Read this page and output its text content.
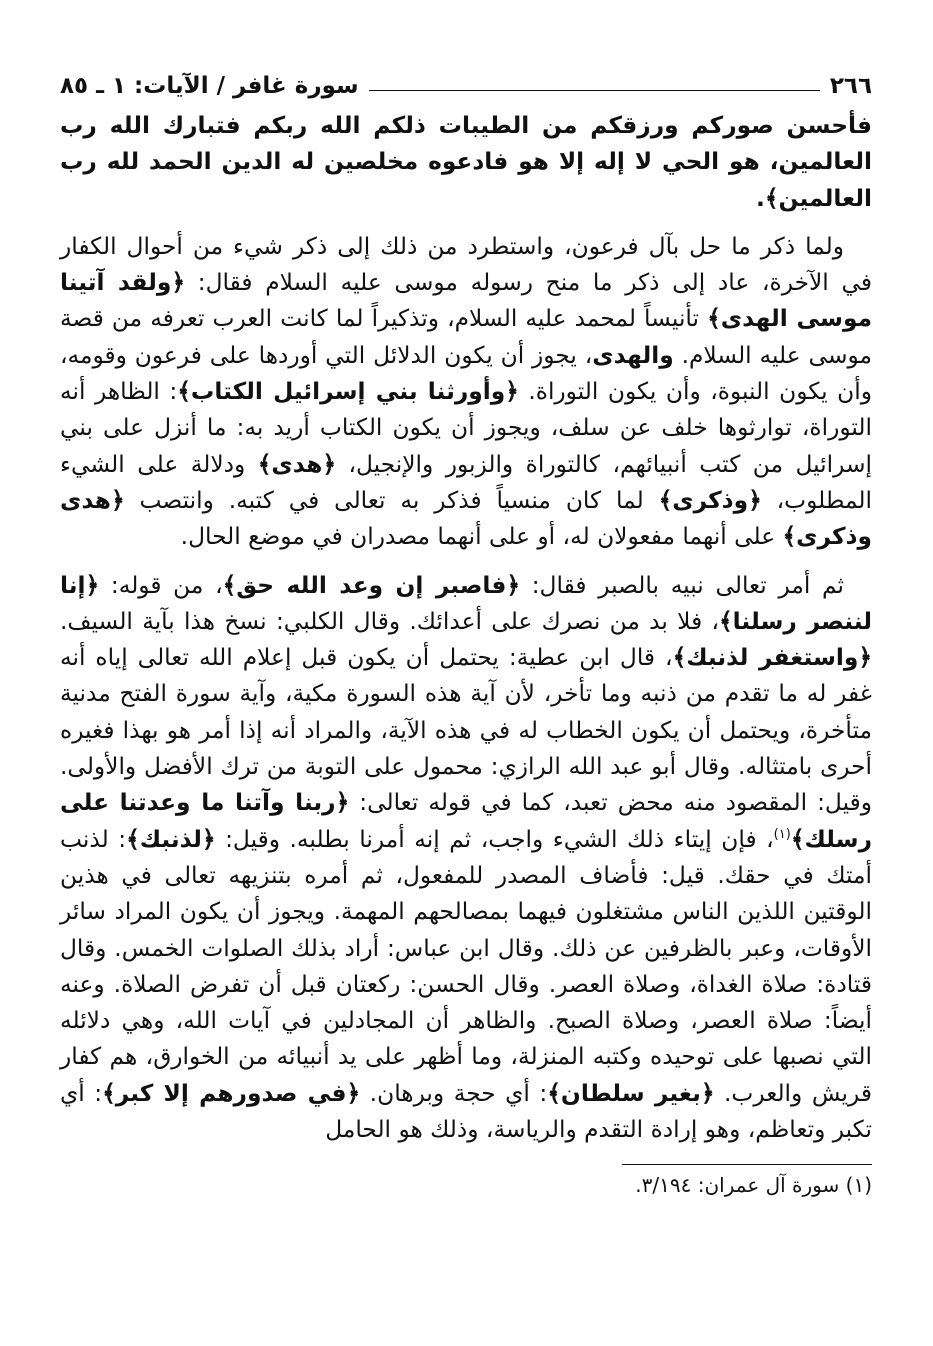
٢٦٦
سورة غافر / الآيات: ١ ـ ٨٥

فأحسن صوركم ورزقكم من الطيبات ذلكم الله ربكم فتبارك الله رب العالمين، هو الحي لا إله إلا هو فادعوه مخلصين له الدين الحمد لله رب العالمين﴾.

ولما ذكر ما حل بآل فرعون، واستطرد من ذلك إلى ذكر شيء من أحوال الكفار في الآخرة، عاد إلى ذكر ما منح رسوله موسى عليه السلام فقال: ﴿ولقد آتينا موسى الهدى﴾ تأنيساً لمحمد عليه السلام، وتذكيراً لما كانت العرب تعرفه من قصة موسى عليه السلام. والهدى، يجوز أن يكون الدلائل التي أوردها على فرعون وقومه، وأن يكون النبوة، وأن يكون التوراة. ﴿وأورثنا بني إسرائيل الكتاب﴾: الظاهر أنه التوراة، توارثوها خلف عن سلف، ويجوز أن يكون الكتاب أريد به: ما أنزل على بني إسرائيل من كتب أنبيائهم، كالتوراة والزبور والإنجيل، ﴿هدى﴾ ودلالة على الشيء المطلوب، ﴿وذكرى﴾ لما كان منسياً فذكر به تعالى في كتبه. وانتصب ﴿هدى وذكرى﴾ على أنهما مفعولان له، أو على أنهما مصدران في موضع الحال.

ثم أمر تعالى نبيه بالصبر فقال: ﴿فاصبر إن وعد الله حق﴾، من قوله: ﴿إنا لننصر رسلنا﴾، فلا بد من نصرك على أعدائك. وقال الكلبي: نسخ هذا بآية السيف. ﴿واستغفر لذنبك﴾، قال ابن عطية: يحتمل أن يكون قبل إعلام الله تعالى إياه أنه غفر له ما تقدم من ذنبه وما تأخر، لأن آية هذه السورة مكية، وآية سورة الفتح مدنية متأخرة، ويحتمل أن يكون الخطاب له في هذه الآية، والمراد أنه إذا أمر هو بهذا فغيره أحرى بامتثاله. وقال أبو عبد الله الرازي: محمول على التوبة من ترك الأفضل والأولى. وقيل: المقصود منه محض تعبد، كما في قوله تعالى: ﴿ربنا وآتنا ما وعدتنا على رسلك﴾$^{(١)}$، فإن إيتاء ذلك الشيء واجب، ثم إنه أمرنا بطلبه. وقيل: ﴿لذنبك﴾: لذنب أمتك في حقك. قيل: فأضاف المصدر للمفعول، ثم أمره بتنزيهه تعالى في هذين الوقتين اللذين الناس مشتغلون فيهما بمصالحهم المهمة. ويجوز أن يكون المراد سائر الأوقات، وعبر بالظرفين عن ذلك. وقال ابن عباس: أراد بذلك الصلوات الخمس. وقال قتادة: صلاة الغداة، وصلاة العصر. وقال الحسن: ركعتان قبل أن تفرض الصلاة. وعنه أيضاً: صلاة العصر، وصلاة الصبح. والظاهر أن المجادلين في آيات الله، وهي دلائله التي نصبها على توحيده وكتبه المنزلة، وما أظهر على يد أنبيائه من الخوارق، هم كفار قريش والعرب. ﴿بغير سلطان﴾: أي حجة وبرهان. ﴿في صدورهم إلا كبر﴾: أي تكبر وتعاظم، وهو إرادة التقدم والرياسة، وذلك هو الحامل

(١) سورة آل عمران: ٣/١٩٤.
